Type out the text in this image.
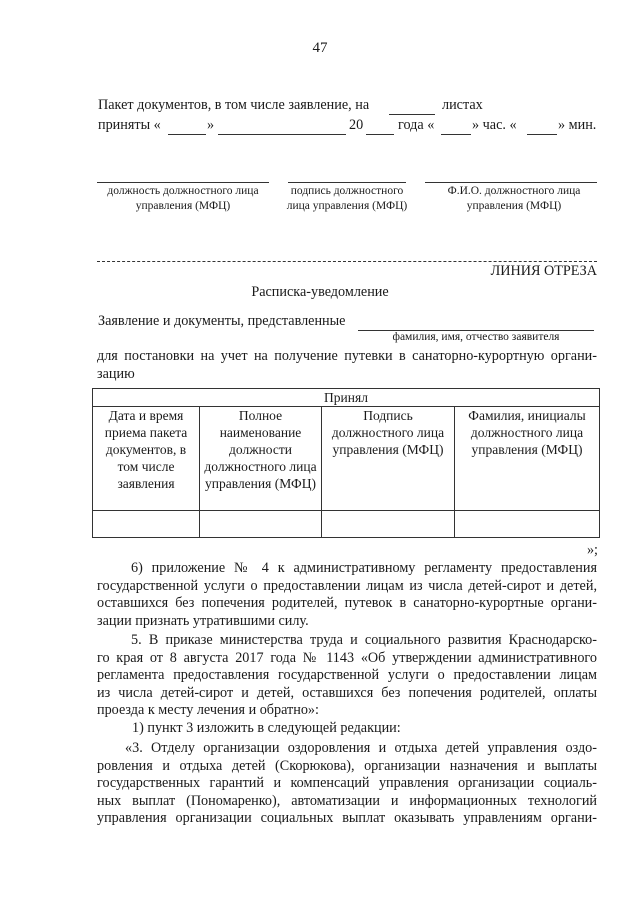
47
Пакет документов, в том числе заявление, на	листах
приняты «	»	20 года «	» час. «	» мин.
должность должностного лица управления (МФЦ)
подпись должностного лица управления (МФЦ)
Ф.И.О. должностного лица управления (МФЦ)
ЛИНИЯ ОТРЕЗА
Расписка-уведомление
Заявление и документы, представленные
фамилия, имя, отчество заявителя
для постановки на учет на получение путевки в санаторно-курортную органи-
зацию
Принял			
Дата и время приема пакета документов, в том числе заявления	Полное наименование должности должностного лица управления (МФЦ)	Подпись должностного лица управления (МФЦ)	Фамилия, инициалы должностного лица управления (МФЦ)

»;
6) приложение № 4 к административному регламенту предоставления
государственной услуги о предоставлении лицам из числа детей-сирот и детей,
оставшихся без попечения родителей, путевок в санаторно-курортные органи-
зации признать утратившими силу.
5. В приказе министерства труда и социального развития Краснодарско-
го края от 8 августа 2017 года № 1143 «Об утверждении административного
регламента предоставления государственной услуги о предоставлении лицам
из числа детей-сирот и детей, оставшихся без попечения родителей, оплаты
проезда к месту лечения и обратно»:
1) пункт 3 изложить в следующей редакции:
«3. Отделу организации оздоровления и отдыха детей управления оздо-
ровления и отдыха детей (Скорюкова), организации назначения и выплаты
государственных гарантий и компенсаций управления организации социаль-
ных выплат (Пономаренко), автоматизации и информационных технологий
управления организации социальных выплат оказывать управлениям органи-
